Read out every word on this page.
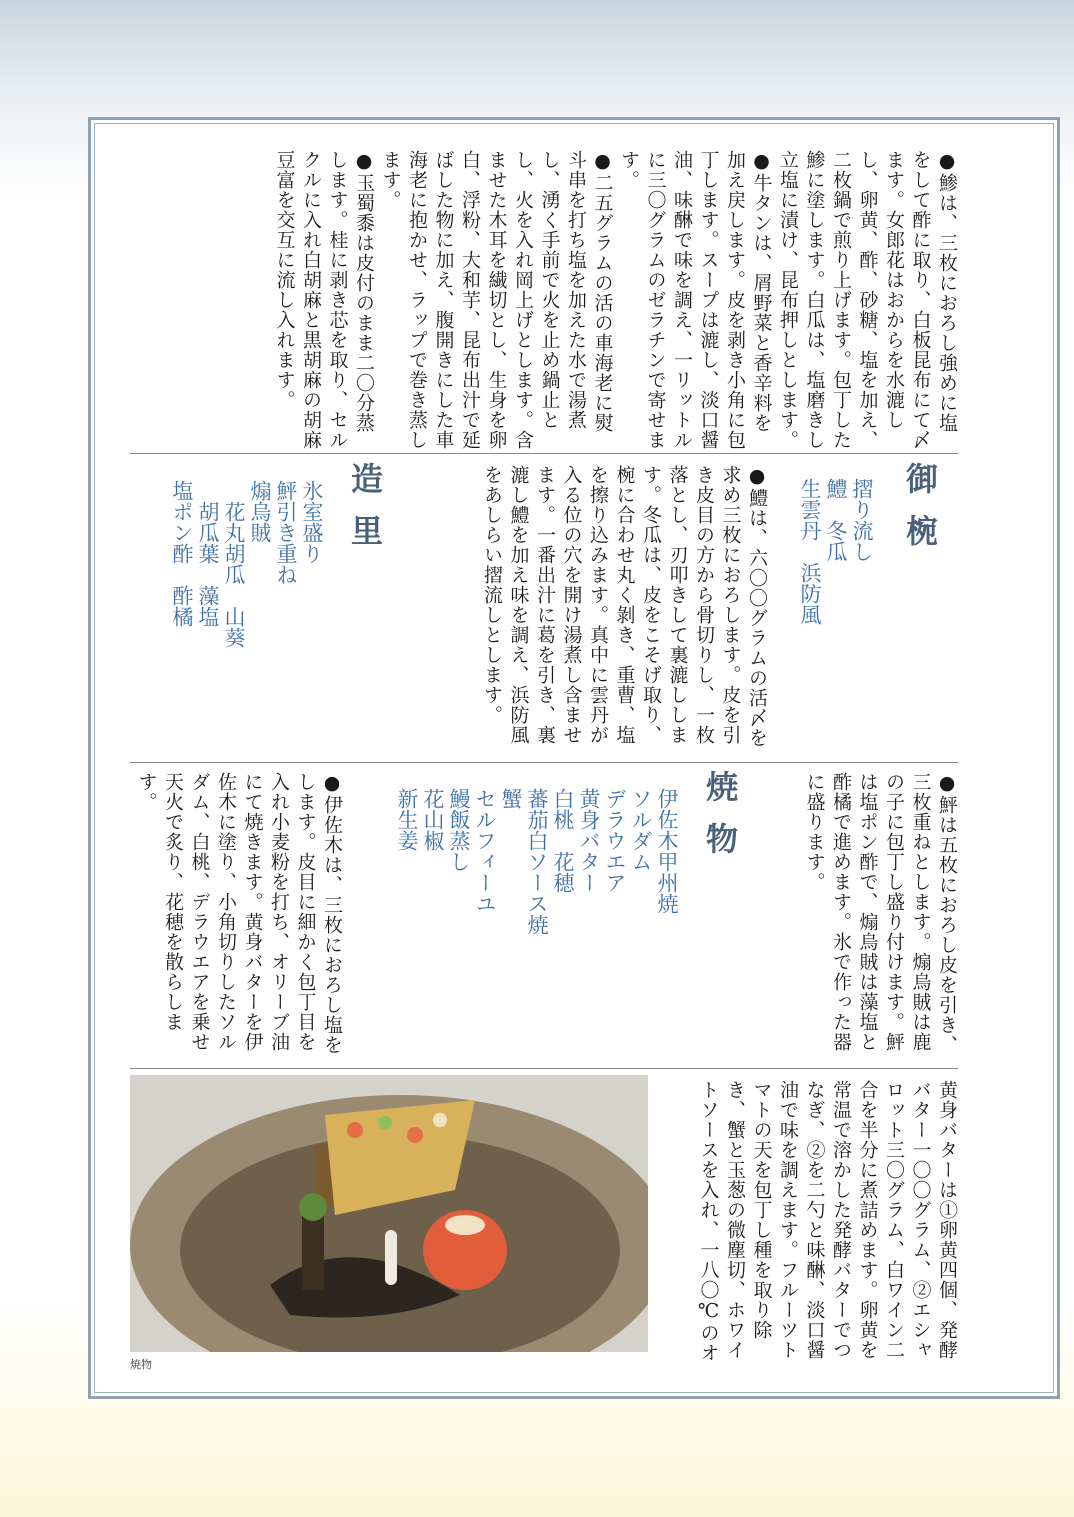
●鯵は、三枚におろし強めに塩をして酢に取り、白板昆布にて〆ます。女郎花はおからを水漉しし、卵黄、酢、砂糖、塩を加え、二枚鍋で煎り上げます。包丁した鯵に塗します。白瓜は、塩磨きし立塩に漬け、昆布押しとします。

●牛タンは、屑野菜と香辛料を加え戻します。皮を剥き小角に包丁します。スープは漉し、淡口醤油、味醂で味を調え、一リットルに三〇グラムのゼラチンで寄せます。

●二五グラムの活の車海老に熨斗串を打ち塩を加えた水で湯煮し、湧く手前で火を止め鍋止とし、火を入れ岡上げとします。含ませた木耳を繊切とし、生身を卵白、浮粉、大和芋、昆布出汁で延ばした物に加え、腹開きにした車海老に抱かせ、ラップで巻き蒸します。

●玉蜀黍は皮付のまま二〇分蒸します。桂に剥き芯を取り、セルクルに入れ白胡麻と黒胡麻の胡麻豆富を交互に流し入れます。

御椀
摺り流し
鱧　冬瓜
生雲丹　浜防風
●鱧は、六〇〇グラムの活〆を求め三枚におろします。皮を引き皮目の方から骨切りし、一枚落とし、刃叩きして裏漉しします。冬瓜は、皮をこそげ取り、椀に合わせ丸く剝き、重曹、塩を擦り込みます。真中に雲丹が入る位の穴を開け湯煮し含ませます。一番出汁に葛を引き、裏漉し鱧を加え味を調え、浜防風をあしらい摺流しとします。
造里
氷室盛り
鮃引き重ね
煽烏賊
　花丸胡瓜　山葵
　胡瓜葉　藻塩
塩ポン酢　酢橘
●鮃は五枚におろし皮を引き、三枚重ねとします。煽烏賊は鹿の子に包丁し盛り付けます。鮃は塩ポン酢で、煽烏賊は藻塩と酢橘で進めます。氷で作った器に盛ります。
焼物
伊佐木甲州焼
ソルダム
デラウエア
黄身バター
白桃　花穂
蕃茄白ソース焼
蟹
セルフィーユ
鰻飯蒸し
花山椒
新生姜
●伊佐木は、三枚におろし塩をします。皮目に細かく包丁目を入れ小麦粉を打ち、オリーブ油にて焼きます。黄身バターを伊佐木に塗り、小角切りしたソルダム、白桃、デラウエアを乗せ天火で炙り、花穂を散らします。
黄身バターは①卵黄四個、発酵バター一〇〇グラム、②エシャロット三〇グラム、白ワイン二合を半分に煮詰めます。卵黄を常温で溶かした発酵バターでつなぎ、②を二勺と味醂、淡口醤油で味を調えます。フルーツトマトの天を包丁し種を取り除き、蟹と玉葱の微塵切、ホワイトソースを入れ、一八〇℃のオ
焼物
